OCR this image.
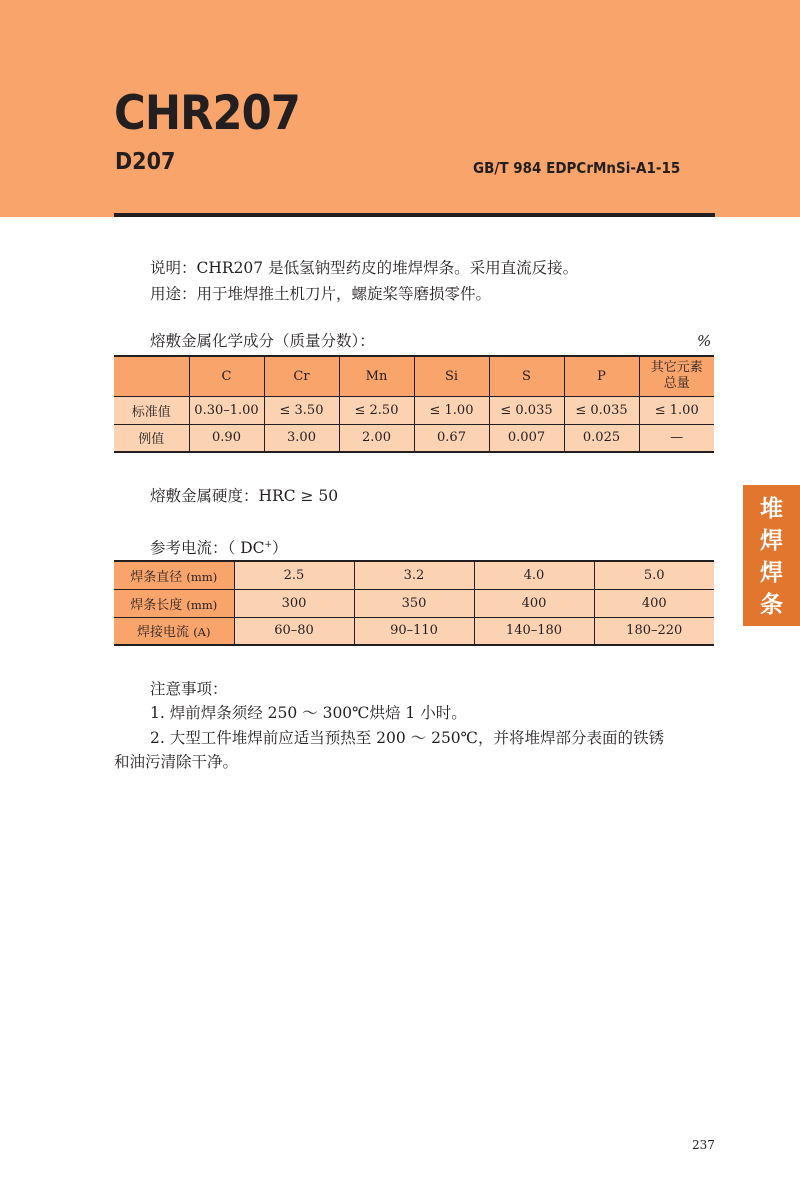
CHR207
D207	GB/T 984 EDPCrMnSi-A1-15
说明：CHR207 是低氢钠型药皮的堆焊焊条。采用直流反接。
用途：用于堆焊推土机刀片，螺旋桨等磨损零件。
熔敷金属化学成分（质量分数）：	%
	C	Cr	Mn	Si	S	P	其它元素
总量
标准值	0.30–1.00	≤ 3.50	≤ 2.50	≤ 1.00	≤ 0.035	≤ 0.035	≤ 1.00
例值	0.90	3.00	2.00	0.67	0.007	0.025	—
熔敷金属硬度：HRC ≥ 50
参考电流：（ DC+）
焊条直径 (mm)	2.5	3.2	4.0	5.0
焊条长度 (mm)	300	350	400	400
焊接电流 (A)	60–80	90–110	140–180	180–220
注意事项：
1. 焊前焊条须经 250 ～ 300℃烘焙 1 小时。
2. 大型工件堆焊前应适当预热至 200 ～ 250℃，并将堆焊部分表面的铁锈
和油污清除干净。
堆
焊
焊
条
237
